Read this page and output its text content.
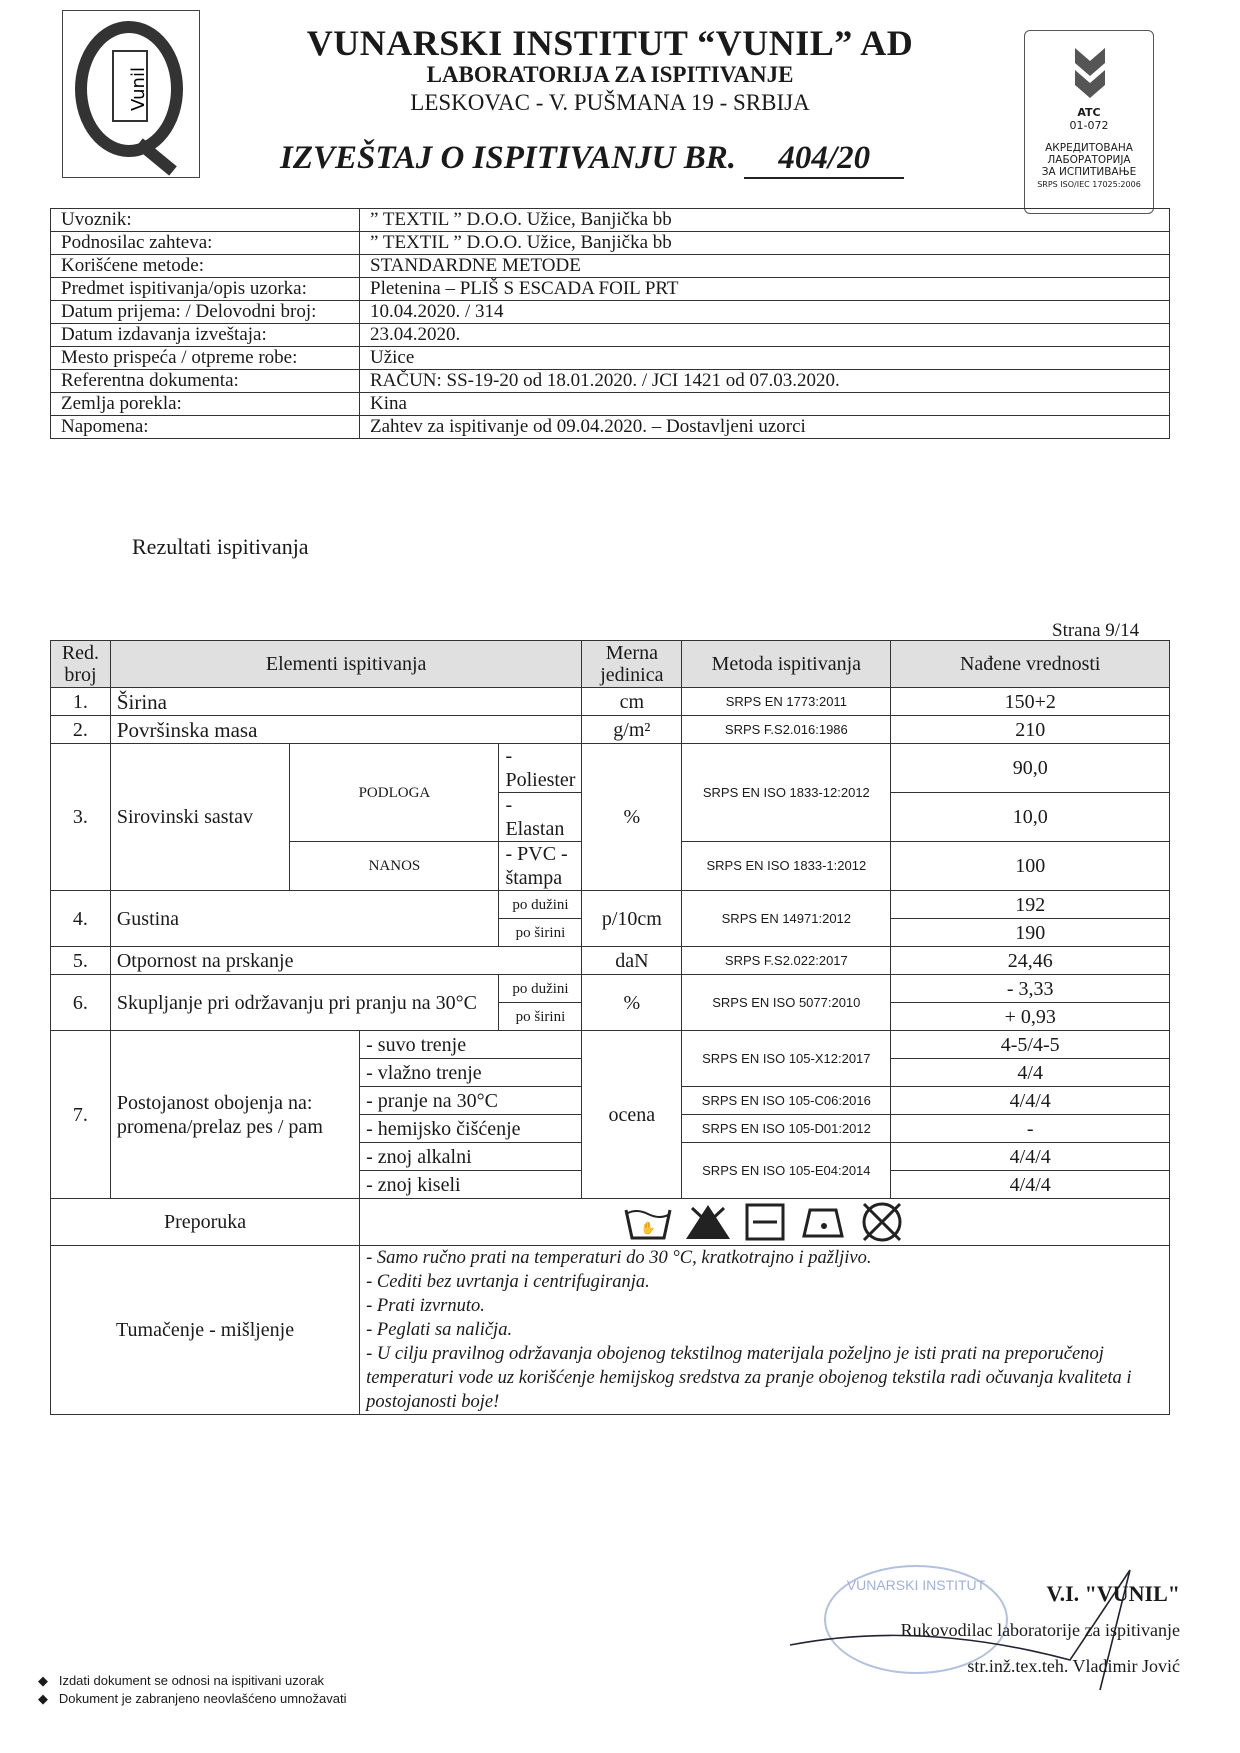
Vunil
VUNARSKI INSTITUT “VUNIL” AD
LABORATORIJA ZA ISPITIVANJE
LESKOVAC - V. PUŠMANA 19 - SRBIJA
IZVEŠTAJ O ISPITIVANJU BR. 404/20
ATC
01-072
АКРЕДИТОВАНА
ЛАБОРАТОРИЈА
ЗА ИСПИТИВАЊЕ
SRPS ISO/IEC 17025:2006
Uvoznik:	” TEXTIL ” D.O.O. Užice, Banjička bb
Podnosilac zahteva:	” TEXTIL ” D.O.O. Užice, Banjička bb
Korišćene metode:	STANDARDNE METODE
Predmet ispitivanja/opis uzorka:	Pletenina – PLIŠ S ESCADA FOIL PRT
Datum prijema: / Delovodni broj:	10.04.2020. / 314
Datum izdavanja izveštaja:	23.04.2020.
Mesto prispeća / otpreme robe:	Užice
Referentna dokumenta:	RAČUN: SS-19-20 od 18.01.2020. / JCI 1421 od 07.03.2020.
Zemlja porekla:	Kina
Napomena:	Zahtev za ispitivanje od 09.04.2020. – Dostavljeni uzorci
Rezultati ispitivanja
Strana 9/14
Red. broj	Elementi ispitivanja				Merna jedinica	Metoda ispitivanja	Nađene vrednosti
1.	Širina				cm	SRPS EN 1773:2011	150+2
2.	Površinska masa				g/m²	SRPS F.S2.016:1986	210
3.	Sirovinski sastav	PODLOGA		- Poliester	%	SRPS EN ISO 1833-12:2012	90,0
				- Elastan			10,0
		NANOS		- PVC - štampa		SRPS EN ISO 1833-1:2012	100
4.	Gustina			po dužini	p/10cm	SRPS EN 14971:2012	192
				po širini			190
5.	Otpornost na prskanje				daN	SRPS F.S2.022:2017	24,46
6.	Skupljanje pri održavanju pri pranju na 30°C			po dužini	%	SRPS EN ISO 5077:2010	- 3,33
				po širini			+ 0,93
7.	Postojanost obojenja na: promena/prelaz pes / pam		- suvo trenje		ocena	SRPS EN ISO 105-X12:2017	4-5/4-5
			- vlažno trenje				4/4
			- pranje na 30°C			SRPS EN ISO 105-C06:2016	4/4/4
			- hemijsko čišćenje			SRPS EN ISO 105-D01:2012	-
			- znoj alkalni			SRPS EN ISO 105-E04:2014	4/4/4
			- znoj kiseli				4/4/4
Preporuka			✋				

Tumačenje - mišljenje			- Samo ručno prati na temperaturi do 30 °C, kratkotrajno i pažljivo.
- Cediti bez uvrtanja i centrifugiranja.
- Prati izvrnuto.
- Peglati sa naličja.
- U cilju pravilnog održavanja obojenog tekstilnog materijala poželjno je isti prati na preporučenoj temperaturi vode uz korišćenje hemijskog sredstva za pranje obojenog tekstila radi očuvanja kvaliteta i postojanosti boje!				
VUNARSKI INSTITUT	V.I. "VUNIL"
Rukovodilac laboratorije za ispitivanje
str.inž.tex.teh. Vladimir Jović
◆   Izdati dokument se odnosi na ispitivani uzorak
◆   Dokument je zabranjeno neovlašćeno umnožavati
